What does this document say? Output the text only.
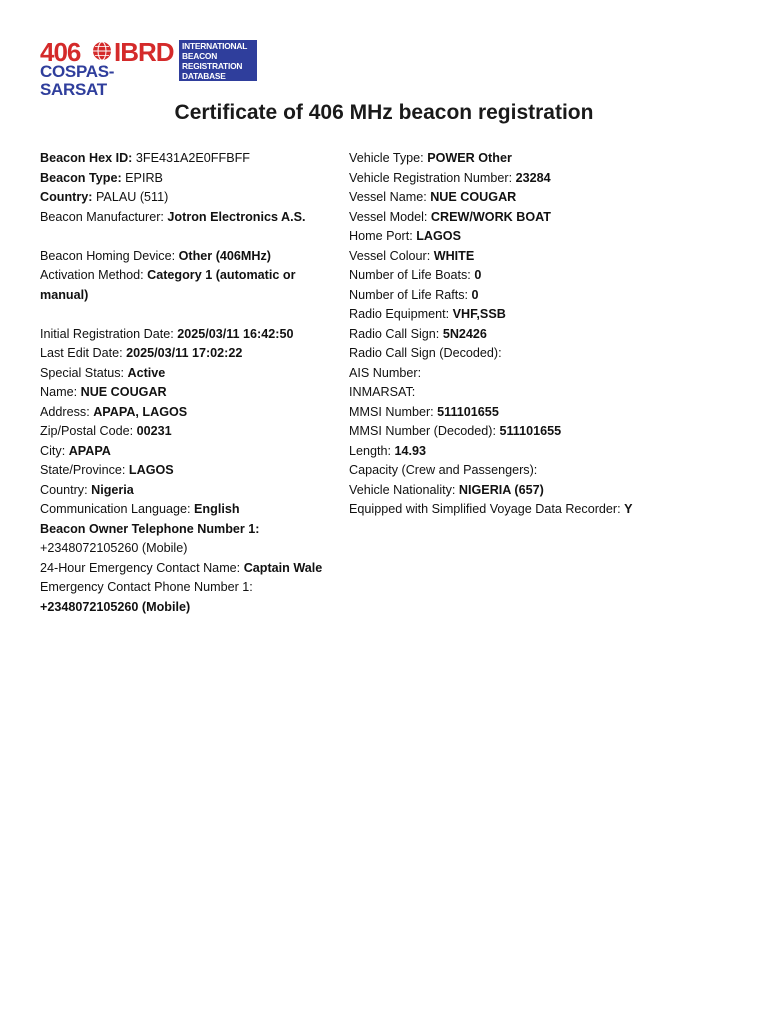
406 IBRD
COSPAS-SARSAT
INTERNATIONAL
BEACON
REGISTRATION
DATABASE
Certificate of 406 MHz beacon registration
Beacon Hex ID: 3FE431A2E0FFBFF
Beacon Type: EPIRB
Country: PALAU (511)
Beacon Manufacturer: Jotron Electronics A.S.
Beacon Homing Device: Other (406MHz)
Activation Method: Category 1 (automatic or manual)
Initial Registration Date: 2025/03/11 16:42:50
Last Edit Date: 2025/03/11 17:02:22
Special Status: Active
Name: NUE COUGAR
Address: APAPA, LAGOS
Zip/Postal Code: 00231
City: APAPA
State/Province: LAGOS
Country: Nigeria
Communication Language: English
Beacon Owner Telephone Number 1:
+2348072105260 (Mobile)
24-Hour Emergency Contact Name: Captain Wale
Emergency Contact Phone Number 1:
+2348072105260 (Mobile)
Vehicle Type: POWER Other
Vehicle Registration Number: 23284
Vessel Name: NUE COUGAR
Vessel Model: CREW/WORK BOAT
Home Port: LAGOS
Vessel Colour: WHITE
Number of Life Boats: 0
Number of Life Rafts: 0
Radio Equipment: VHF,SSB
Radio Call Sign: 5N2426
Radio Call Sign (Decoded):
AIS Number:
INMARSAT:
MMSI Number: 511101655
MMSI Number (Decoded): 511101655
Length: 14.93
Capacity (Crew and Passengers):
Vehicle Nationality: NIGERIA (657)
Equipped with Simplified Voyage Data Recorder: Y
